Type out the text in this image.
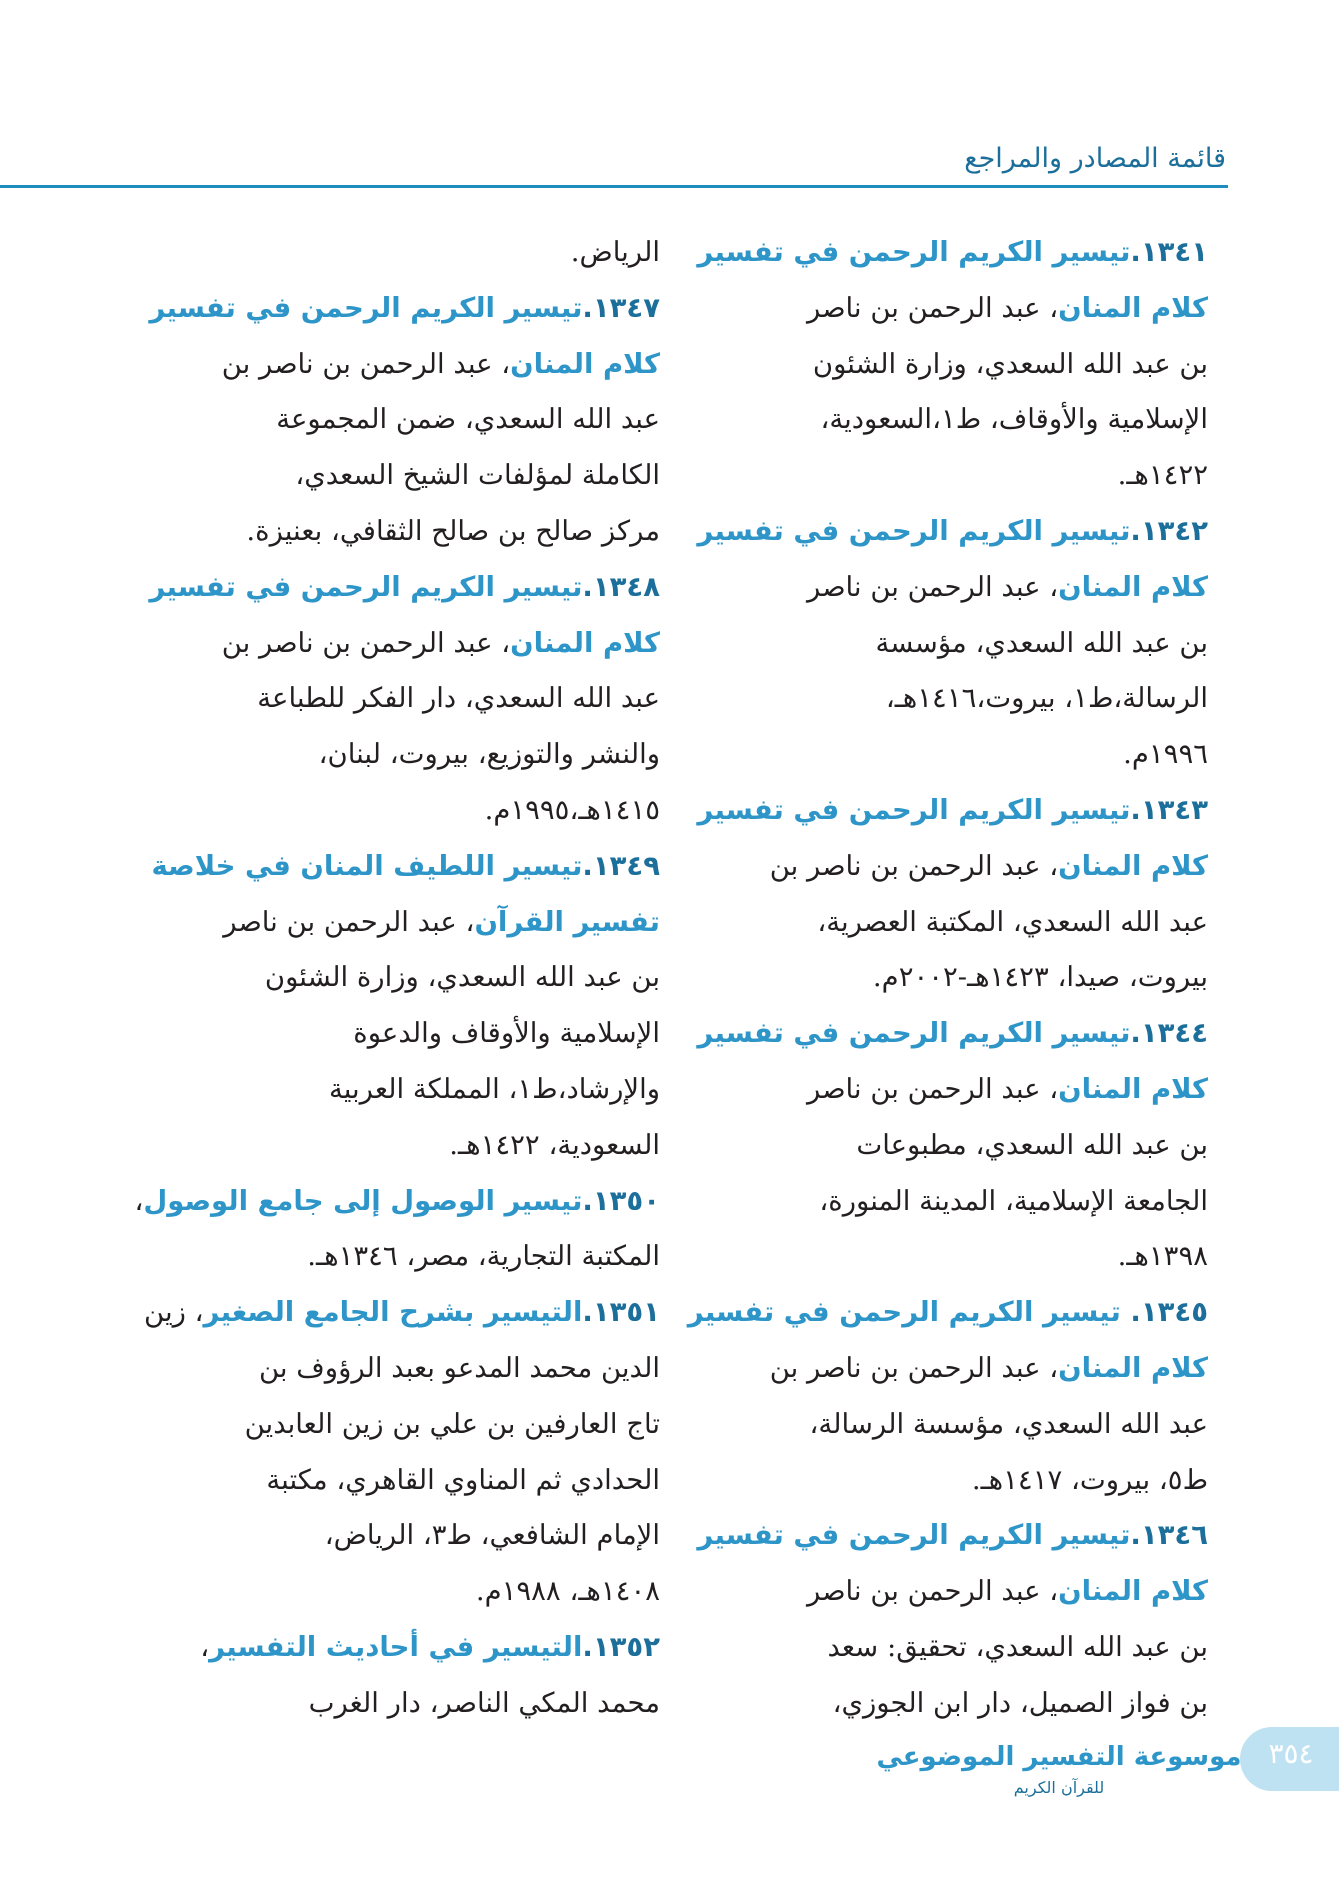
قائمة المصادر والمراجع
١٣٤١.تيسير الكريم الرحمن في تفسير
كلام المنان، عبد الرحمن بن ناصر
بن عبد الله السعدي، وزارة الشئون
الإسلامية والأوقاف، ط١،السعودية،
١٤٢٢هـ.
١٣٤٢.تيسير الكريم الرحمن في تفسير
كلام المنان، عبد الرحمن بن ناصر
بن عبد الله السعدي، مؤسسة
الرسالة،ط١، بيروت،١٤١٦هـ،
١٩٩٦م.
١٣٤٣.تيسير الكريم الرحمن في تفسير
كلام المنان، عبد الرحمن بن ناصر بن
عبد الله السعدي، المكتبة العصرية،
بيروت، صيدا، ١٤٢٣هـ-٢٠٠٢م.
١٣٤٤.تيسير الكريم الرحمن في تفسير
كلام المنان، عبد الرحمن بن ناصر
بن عبد الله السعدي، مطبوعات
الجامعة الإسلامية، المدينة المنورة،
١٣٩٨هـ.
١٣٤٥. تيسير الكريم الرحمن في تفسير
كلام المنان، عبد الرحمن بن ناصر بن
عبد الله السعدي، مؤسسة الرسالة،
ط٥، بيروت، ١٤١٧هـ.
١٣٤٦.تيسير الكريم الرحمن في تفسير
كلام المنان، عبد الرحمن بن ناصر
بن عبد الله السعدي، تحقيق: سعد
بن فواز الصميل، دار ابن الجوزي،
الرياض.
١٣٤٧.تيسير الكريم الرحمن في تفسير
كلام المنان، عبد الرحمن بن ناصر بن
عبد الله السعدي، ضمن المجموعة
الكاملة لمؤلفات الشيخ السعدي،
مركز صالح بن صالح الثقافي، بعنيزة.
١٣٤٨.تيسير الكريم الرحمن في تفسير
كلام المنان، عبد الرحمن بن ناصر بن
عبد الله السعدي، دار الفكر للطباعة
والنشر والتوزيع، بيروت، لبنان،
١٤١٥هـ،١٩٩٥م.
١٣٤٩.تيسير اللطيف المنان في خلاصة
تفسير القرآن، عبد الرحمن بن ناصر
بن عبد الله السعدي، وزارة الشئون
الإسلامية والأوقاف والدعوة
والإرشاد،ط١، المملكة العربية
السعودية، ١٤٢٢هـ.
١٣٥٠.تيسير الوصول إلى جامع الوصول،
المكتبة التجارية، مصر، ١٣٤٦هـ.
١٣٥١.التيسير بشرح الجامع الصغير، زين
الدين محمد المدعو بعبد الرؤوف بن
تاج العارفين بن علي بن زين العابدين
الحدادي ثم المناوي القاهري، مكتبة
الإمام الشافعي، ط٣، الرياض،
١٤٠٨هـ، ١٩٨٨م.
١٣٥٢.التيسير في أحاديث التفسير،
محمد المكي الناصر، دار الغرب
٣٥٤
موسوعة التفسير الموضوعي
للقرآن الكريم
